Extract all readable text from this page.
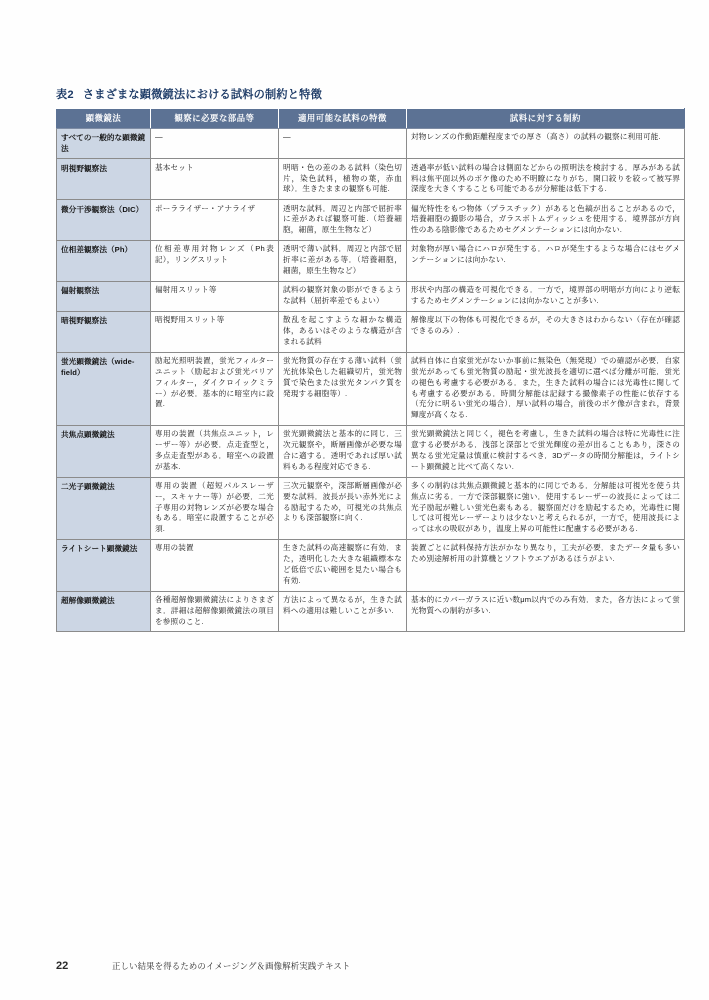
表2 さまざまな顕微鏡法における試料の制約と特徴
顕微鏡法	観察に必要な部品等	適用可能な試料の特徴	試料に対する制約
すべての一般的な顕微鏡法	―	―	対物レンズの作動距離程度までの厚さ（高さ）の試料の観察に利用可能.
明視野観察法	基本セット	明暗・色の差のある試料（染色切片，染色試料，植物の葉，赤血球）．生きたままの観察も可能.	透過率が低い試料の場合は側面などからの照明法を検討する．厚みがある試料は焦平面以外のボケ像のため不明瞭になりがち．開口絞りを絞って被写界深度を大きくすることも可能であるが分解能は低下する.
微分干渉観察法（DIC）	ポーラライザー・アナライザ	透明な試料．周辺と内部で屈折率に差があれば観察可能.（培養細胞，細菌，原生生物など）	偏光特性をもつ物体（プラスチック）があると色縞が出ることがあるので，培養細胞の撮影の場合，ガラスボトムディッシュを使用する．境界部が方向性のある陰影像であるためセグメンテーションには向かない.
位相差観察法（Ph）	位相差専用対物レンズ（Ph表記），リングスリット	透明で薄い試料．周辺と内部で屈折率に差がある等．（培養細胞，細菌，原生生物など）	対象物が厚い場合にハロが発生する．ハロが発生するような場合にはセグメンテーションには向かない.
偏射観察法	偏射用スリット等	試料の観察対象の影ができるような試料（屈折率差でもよい）	形状や内部の構造を可視化できる．一方で，境界部の明暗が方向により逆転するためセグメンテーションには向かないことが多い.
暗視野観察法	暗視野用スリット等	散乱を起こすような細かな構造体，あるいはそのような構造が含まれる試料	解像度以下の物体も可視化できるが，その大きさはわからない（存在が確認できるのみ）.
蛍光顕微鏡法（wide-field）	励起光照明装置，蛍光フィルターユニット（励起および蛍光バリアフィルター，ダイクロイックミラー）が必要．基本的に暗室内に設置.	蛍光物質の存在する薄い試料（蛍光抗体染色した組織切片，蛍光物質で染色または蛍光タンパク質を発現する細胞等）.	試料自体に自家蛍光がないか事前に無染色（無発現）での確認が必要．自家蛍光があっても蛍光物質の励起・蛍光波長を適切に選べば分離が可能．蛍光の褪色も考慮する必要がある．また，生きた試料の場合には光毒性に関しても考慮する必要がある．時間分解能は記録する撮像素子の性能に依存する（充分に明るい蛍光の場合）．厚い試料の場合，前後のボケ像が含まれ，背景輝度が高くなる.
共焦点顕微鏡法	専用の装置（共焦点ユニット，レーザー等）が必要．点走査型と，多点走査型がある．暗室への設置が基本.	蛍光顕微鏡法と基本的に同じ．三次元観察や，断層画像が必要な場合に適する．透明であれば厚い試料もある程度対応できる.	蛍光顕微鏡法と同じく，褪色を考慮し，生きた試料の場合は特に光毒性に注意する必要がある．浅部と深部とで蛍光輝度の差が出ることもあり，深さの異なる蛍光定量は慎重に検討するべき．3Dデータの時間分解能は，ライトシート顕微鏡と比べて高くない.
二光子顕微鏡法	専用の装置（超短パルスレーザー，スキャナー等）が必要．二光子専用の対物レンズが必要な場合もある．暗室に設置することが必須.	三次元観察や，深部断層画像が必要な試料．波長が長い赤外光による励起するため，可視光の共焦点よりも深部観察に向く.	多くの制約は共焦点顕微鏡と基本的に同じである．分解能は可視光を使う共焦点に劣る．一方で深部観察に強い．使用するレーザーの波長によっては二光子励起が難しい蛍光色素もある．観察面だけを励起するため，光毒性に関しては可視光レーザーよりは少ないと考えられるが，一方で，使用波長によっては水の吸収があり，温度上昇の可能性に配慮する必要がある.
ライトシート顕微鏡法	専用の装置	生きた試料の高速観察に有効．また，透明化した大きな組織標本など低倍で広い範囲を見たい場合も有効.	装置ごとに試料保持方法がかなり異なり，工夫が必要．またデータ量も多いため別途解析用の計算機とソフトウエアがあるほうがよい.
超解像顕微鏡法	各種超解像顕微鏡法によりさまざま．詳細は超解像顕微鏡法の項目を参照のこと.	方法によって異なるが，生きた試料への適用は難しいことが多い.	基本的にカバーガラスに近い数μm以内でのみ有効．また，各方法によって蛍光物質への制約が多い.
22	正しい結果を得るためのイメージング＆画像解析実践テキスト
